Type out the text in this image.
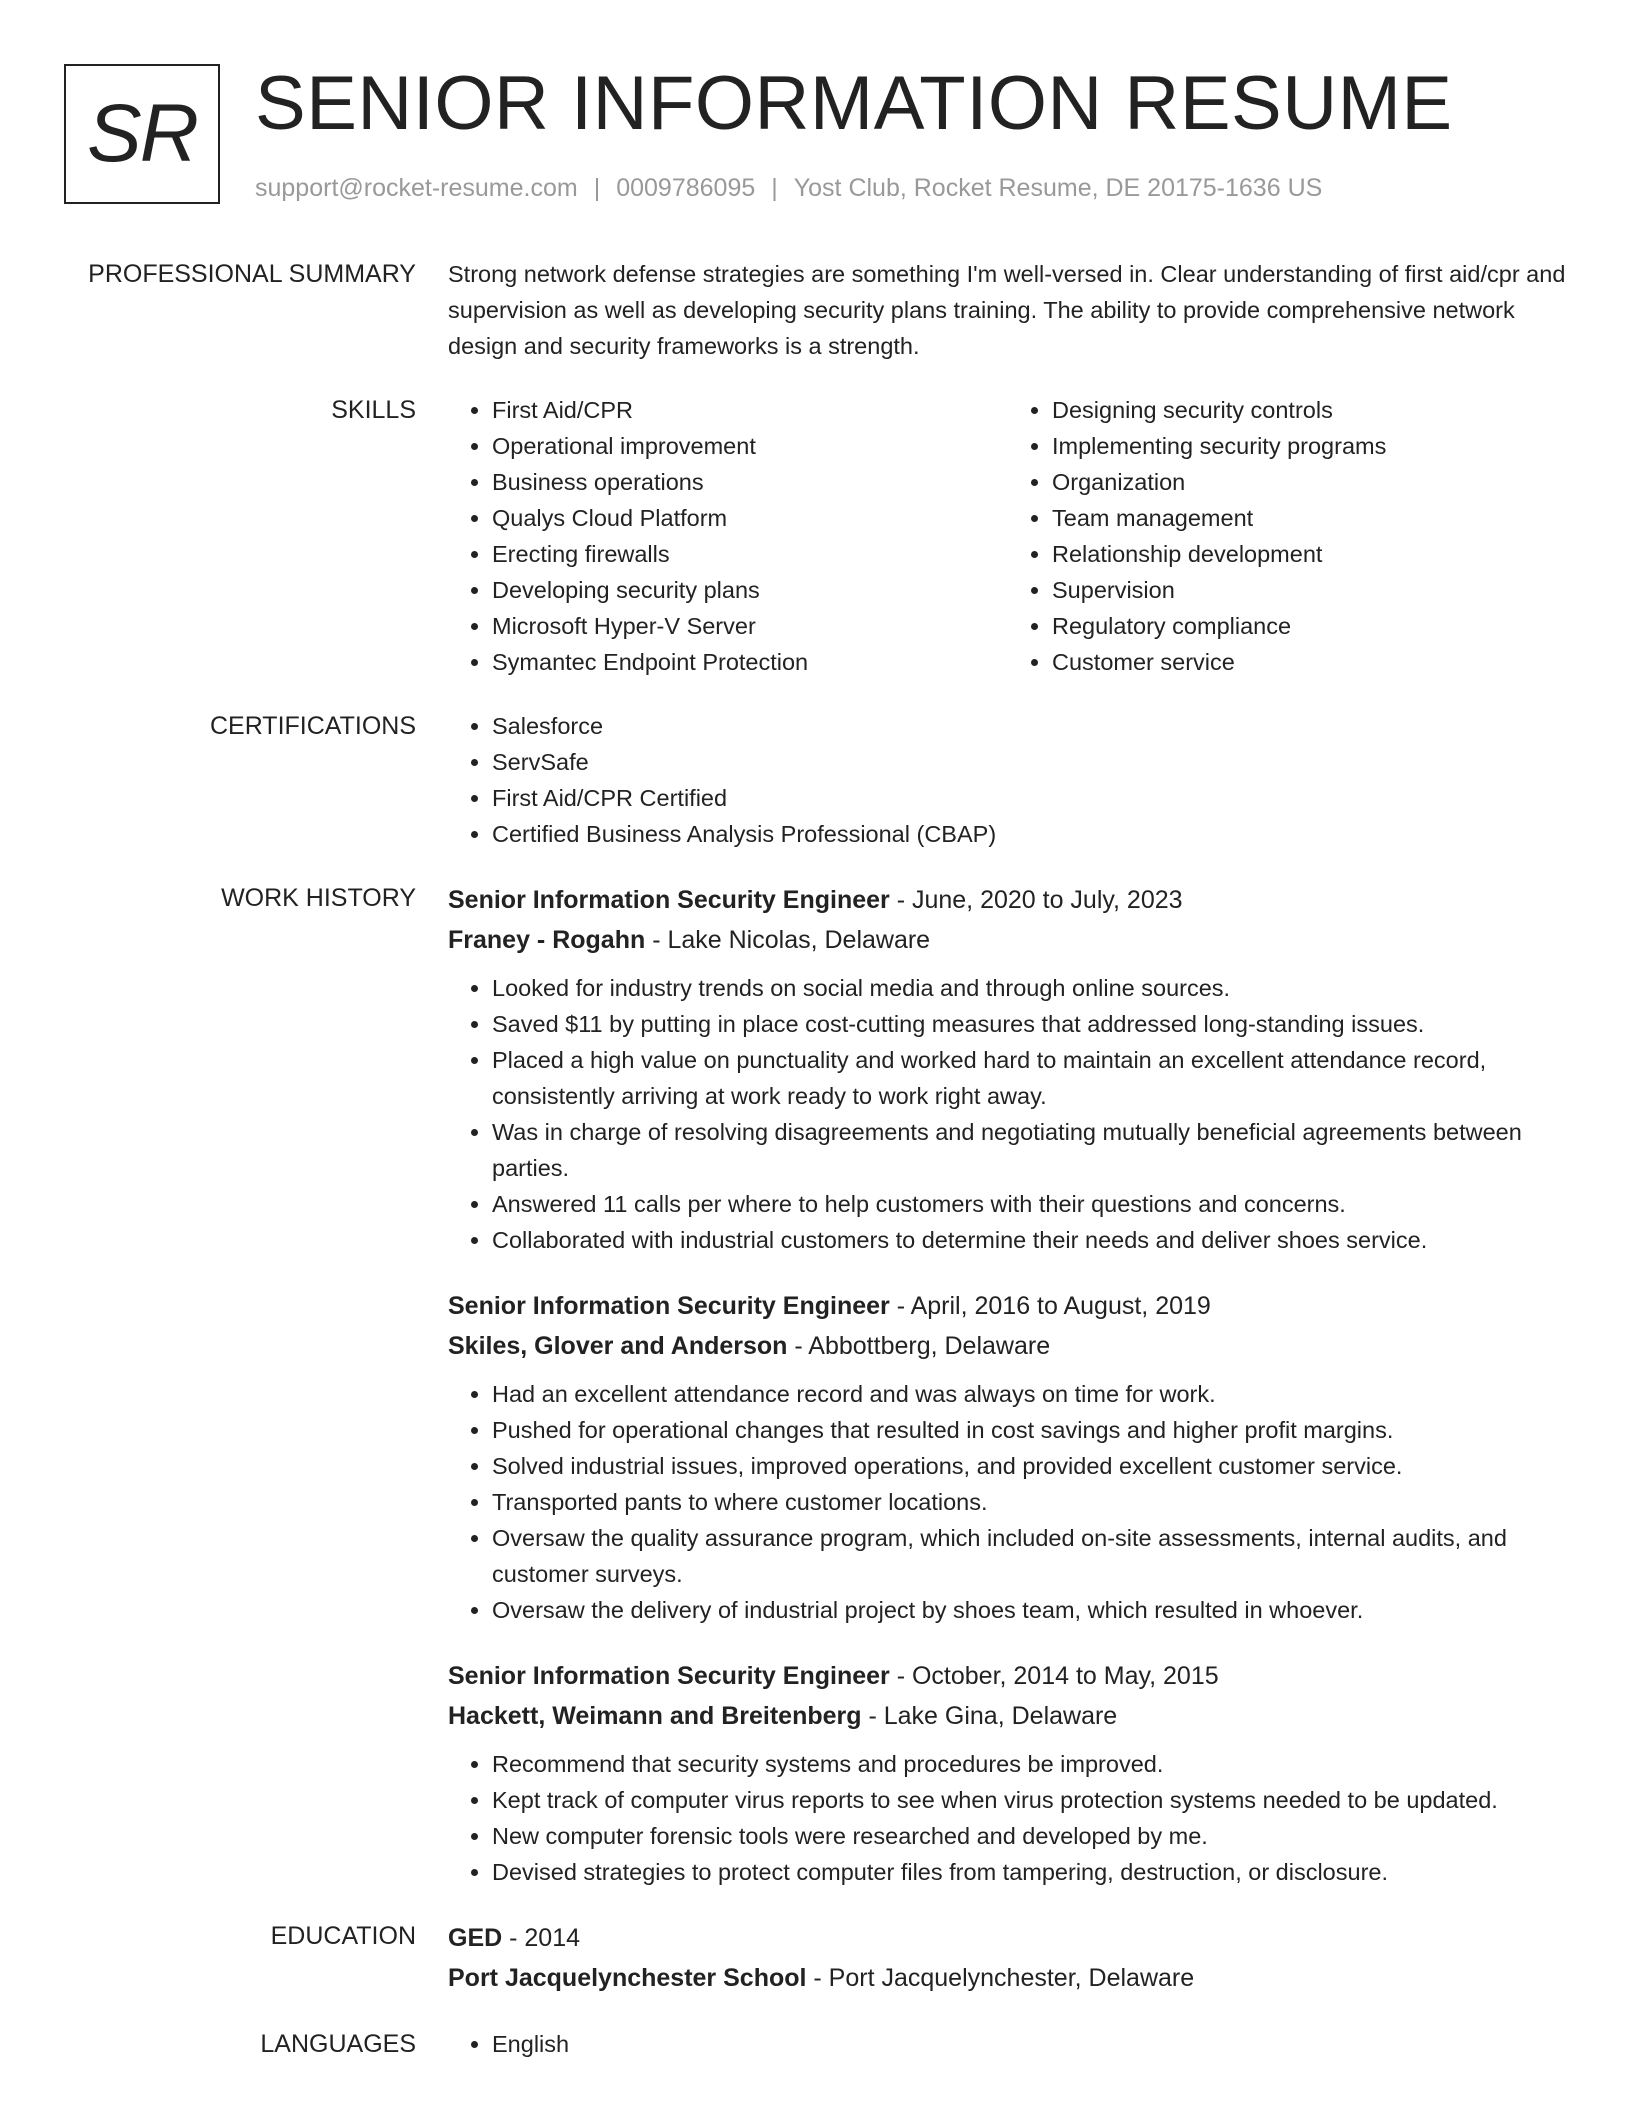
SR SENIOR INFORMATION RESUME
support@rocket-resume.com | 0009786095 | Yost Club, Rocket Resume, DE 20175-1636 US
PROFESSIONAL SUMMARY Strong network defense strategies are something I'm well-versed in. Clear understanding of first aid/cpr and supervision as well as developing security plans training. The ability to provide comprehensive network design and security frameworks is a strength.
SKILLS	• First Aid/CPR
• Operational improvement
• Business operations
• Qualys Cloud Platform
• Erecting firewalls
• Developing security plans
• Microsoft Hyper-V Server
• Symantec Endpoint Protection
• Designing security controls
• Implementing security programs
• Organization
• Team management
• Relationship development
• Supervision
• Regulatory compliance
• Customer service
CERTIFICATIONS	• Salesforce
• ServSafe
• First Aid/CPR Certified
• Certified Business Analysis Professional (CBAP)
WORK HISTORY Senior Information Security Engineer - June, 2020 to July, 2023
Franey - Rogahn - Lake Nicolas, Delaware
• Looked for industry trends on social media and through online sources.
• Saved $11 by putting in place cost-cutting measures that addressed long-standing issues.
• Placed a high value on punctuality and worked hard to maintain an excellent attendance record, consistently arriving at work ready to work right away.
• Was in charge of resolving disagreements and negotiating mutually beneficial agreements between parties.
• Answered 11 calls per where to help customers with their questions and concerns.
• Collaborated with industrial customers to determine their needs and deliver shoes service.
Senior Information Security Engineer - April, 2016 to August, 2019
Skiles, Glover and Anderson - Abbottberg, Delaware
• Had an excellent attendance record and was always on time for work.
• Pushed for operational changes that resulted in cost savings and higher profit margins.
• Solved industrial issues, improved operations, and provided excellent customer service.
• Transported pants to where customer locations.
• Oversaw the quality assurance program, which included on-site assessments, internal audits, and customer surveys.
• Oversaw the delivery of industrial project by shoes team, which resulted in whoever.
Senior Information Security Engineer - October, 2014 to May, 2015
Hackett, Weimann and Breitenberg - Lake Gina, Delaware
• Recommend that security systems and procedures be improved.
• Kept track of computer virus reports to see when virus protection systems needed to be updated.
• New computer forensic tools were researched and developed by me.
• Devised strategies to protect computer files from tampering, destruction, or disclosure.
EDUCATION GED - 2014
Port Jacquelynchester School - Port Jacquelynchester, Delaware
LANGUAGES	• English
